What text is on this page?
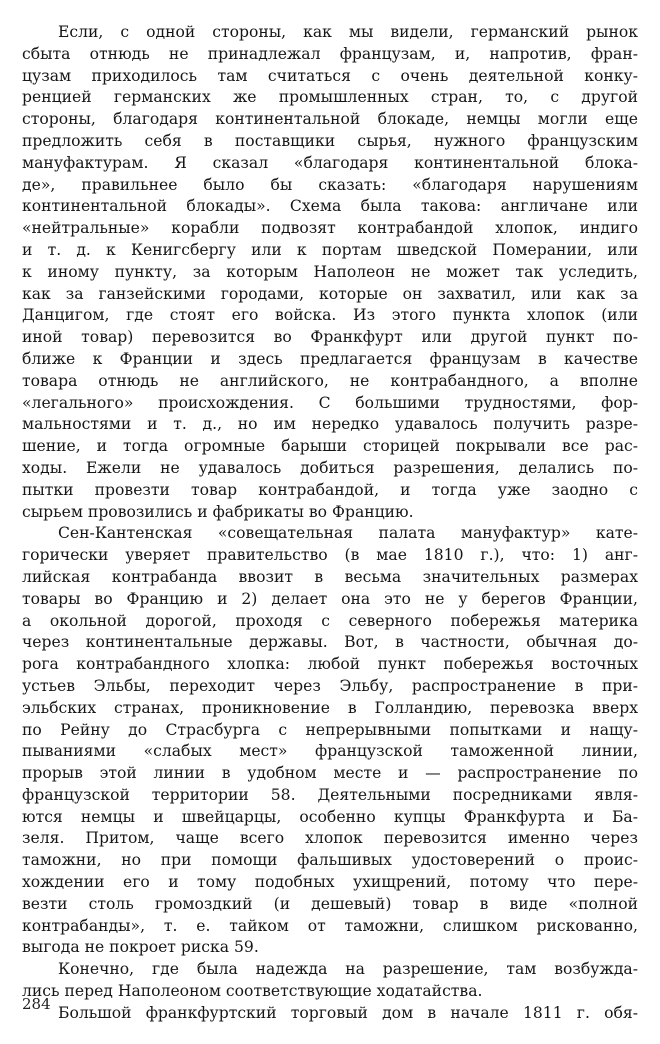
Если, с одной стороны, как мы видели, германский рынок
сбыта отнюдь не принадлежал французам, и, напротив, фран-
цузам приходилось там считаться с очень деятельной конку-
ренцией германских же промышленных стран, то, с другой
стороны, благодаря континентальной блокаде, немцы могли еще
предложить себя в поставщики сырья, нужного французским
мануфактурам. Я сказал «благодаря континентальной блока-
де», правильнее было бы сказать: «благодаря нарушениям
континентальной блокады». Схема была такова: англичане или
«нейтральные» корабли подвозят контрабандой хлопок, индиго
и т. д. к Кенигсбергу или к портам шведской Померании, или
к иному пункту, за которым Наполеон не может так уследить,
как за ганзейскими городами, которые он захватил, или как за
Данцигом, где стоят его войска. Из этого пункта хлопок (или
иной товар) перевозится во Франкфурт или другой пункт по-
ближе к Франции и здесь предлагается французам в качестве
товара отнюдь не английского, не контрабандного, а вполне
«легального» происхождения. С большими трудностями, фор-
мальностями и т. д., но им нередко удавалось получить разре-
шение, и тогда огромные барыши сторицей покрывали все рас-
ходы. Ежели не удавалось добиться разрешения, делались по-
пытки провезти товар контрабандой, и тогда уже заодно с
сырьем провозились и фабрикаты во Францию.
Сен-Кантенская «совещательная палата мануфактур» кате-
горически уверяет правительство (в мае 1810 г.), что: 1) анг-
лийская контрабанда ввозит в весьма значительных размерах
товары во Францию и 2) делает она это не у берегов Франции,
а окольной дорогой, проходя с северного побережья материка
через континентальные державы. Вот, в частности, обычная до-
рога контрабандного хлопка: любой пункт побережья восточных
устьев Эльбы, переходит через Эльбу, распространение в при-
эльбских странах, проникновение в Голландию, перевозка вверх
по Рейну до Страсбурга с непрерывными попытками и нащу-
пываниями «слабых мест» французской таможенной линии,
прорыв этой линии в удобном месте и — распространение по
французской территории 58. Деятельными посредниками явля-
ются немцы и швейцарцы, особенно купцы Франкфурта и Ба-
зеля. Притом, чаще всего хлопок перевозится именно через
таможни, но при помощи фальшивых удостоверений о проис-
хождении его и тому подобных ухищрений, потому что пере-
везти столь громоздкий (и дешевый) товар в виде «полной
контрабанды», т. е. тайком от таможни, слишком рискованно,
выгода не покроет риска 59.
Конечно, где была надежда на разрешение, там возбужда-
лись перед Наполеоном соответствующие ходатайства.
Большой франкфуртский торговый дом в начале 1811 г. обя-
284
